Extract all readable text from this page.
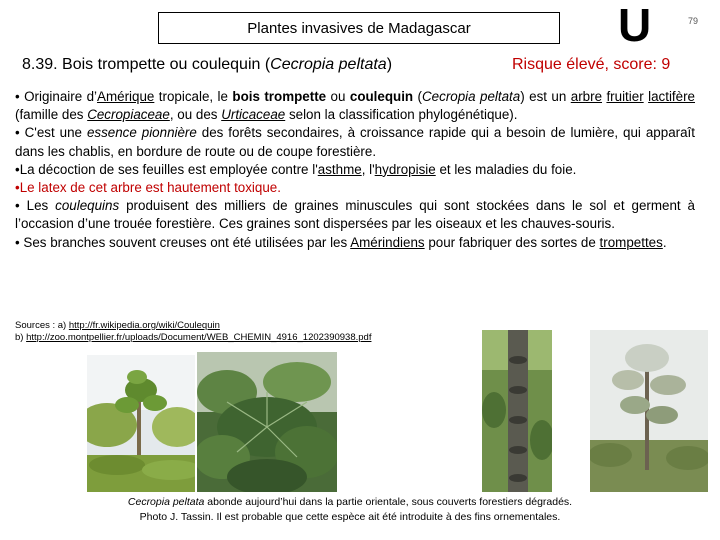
Plantes invasives de Madagascar	U	79
8.39. Bois trompette ou coulequin (Cecropia peltata)	Risque élevé, score: 9

• Originaire d’Amérique tropicale, le bois trompette ou coulequin (Cecropia peltata) est un arbre fruitier lactifère (famille des Cecropiaceae, ou des Urticaceae selon la classification phylogénétique).

• C'est une essence pionnière des forêts secondaires, à croissance rapide qui a besoin de lumière, qui apparaît dans les chablis, en bordure de route ou de coupe forestière.

•La décoction de ses feuilles est employée contre l'asthme, l'hydropisie et les maladies du foie.

•Le latex de cet arbre est hautement toxique.

• Les coulequins produisent des milliers de graines minuscules qui sont stockées dans le sol et germent à l’occasion d’une trouée forestière. Ces graines sont dispersées par les oiseaux et les chauves-souris.

• Ses branches souvent creuses ont été utilisées par les Amérindiens pour fabriquer des sortes de trompettes.

Sources : a) http://fr.wikipedia.org/wiki/Coulequin
b) http://zoo.montpellier.fr/uploads/Document/WEB_CHEMIN_4916_1202390938.pdf
Cecropia peltata abonde aujourd’hui dans la partie orientale, sous couverts forestiers dégradés.
Photo J. Tassin. Il est probable que cette espèce ait été introduite à des fins ornementales.
